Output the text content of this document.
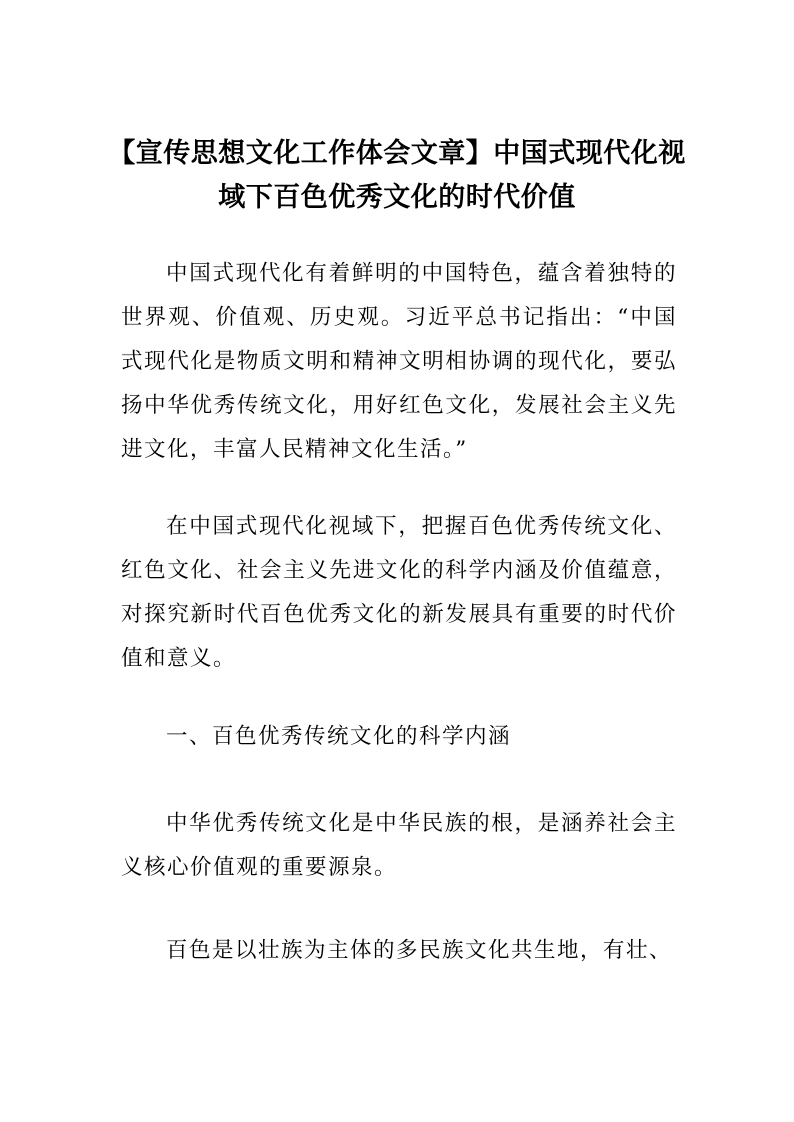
【宣传思想文化工作体会文章】中国式现代化视域下百色优秀文化的时代价值

中国式现代化有着鲜明的中国特色，蕴含着独特的世界观、价值观、历史观。习近平总书记指出：“中国式现代化是物质文明和精神文明相协调的现代化，要弘扬中华优秀传统文化，用好红色文化，发展社会主义先进文化，丰富人民精神文化生活。”

在中国式现代化视域下，把握百色优秀传统文化、红色文化、社会主义先进文化的科学内涵及价值蕴意，对探究新时代百色优秀文化的新发展具有重要的时代价值和意义。

一、百色优秀传统文化的科学内涵

中华优秀传统文化是中华民族的根，是涵养社会主义核心价值观的重要源泉。

百色是以壮族为主体的多民族文化共生地，有壮、
